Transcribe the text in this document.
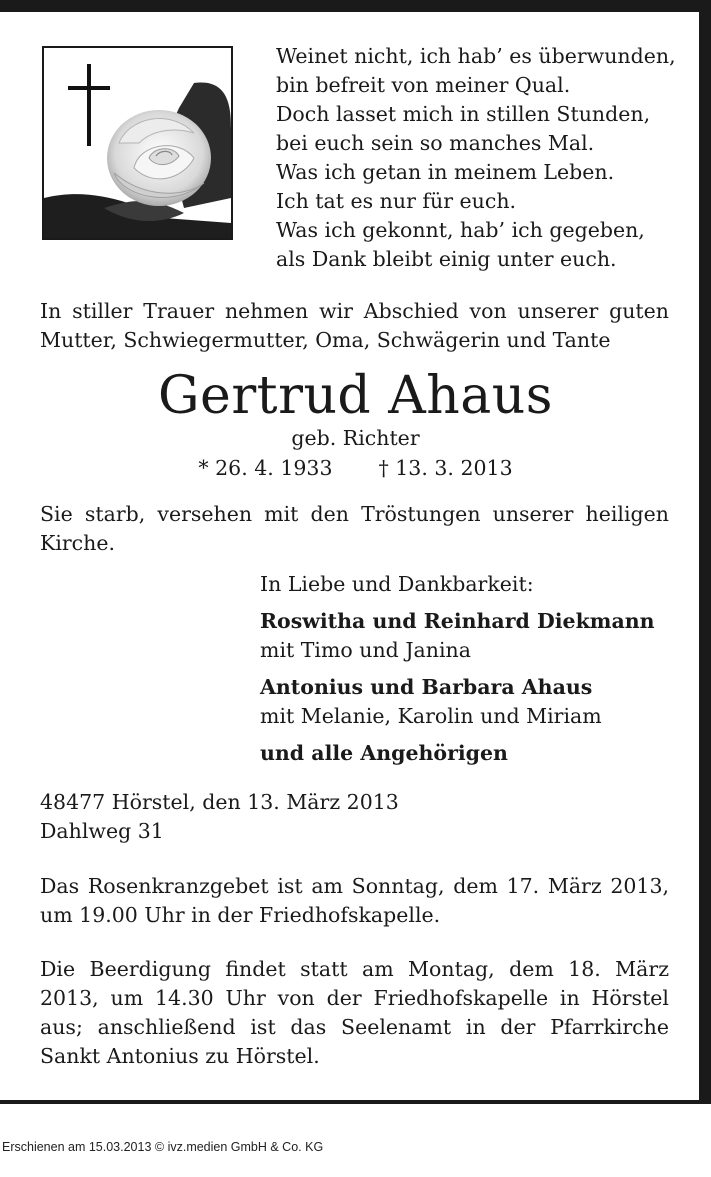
Weinet nicht, ich hab’ es überwunden,
bin befreit von meiner Qual.
Doch lasset mich in stillen Stunden,
bei euch sein so manches Mal.
Was ich getan in meinem Leben.
Ich tat es nur für euch.
Was ich gekonnt, hab’ ich gegeben,
als Dank bleibt einig unter euch.

In stiller Trauer nehmen wir Abschied von unserer guten Mutter, Schwiegermutter, Oma, Schwägerin und Tante

Gertrud Ahaus
geb. Richter
* 26. 4. 1933 † 13. 3. 2013

Sie starb, versehen mit den Tröstungen unserer heiligen Kirche.

In Liebe und Dankbarkeit:
Roswitha und Reinhard Diekmann
mit Timo und Janina
Antonius und Barbara Ahaus
mit Melanie, Karolin und Miriam
und alle Angehörigen
48477 Hörstel, den 13. März 2013
Dahlweg 31

Das Rosenkranzgebet ist am Sonntag, dem 17. März 2013, um 19.00 Uhr in der Friedhofskapelle.

Die Beerdigung findet statt am Montag, dem 18. März 2013, um 14.30 Uhr von der Friedhofskapelle in Hörstel aus; anschließend ist das Seelenamt in der Pfarrkirche Sankt Antonius zu Hörstel.

Erschienen am 15.03.2013 © ivz.medien GmbH & Co. KG
